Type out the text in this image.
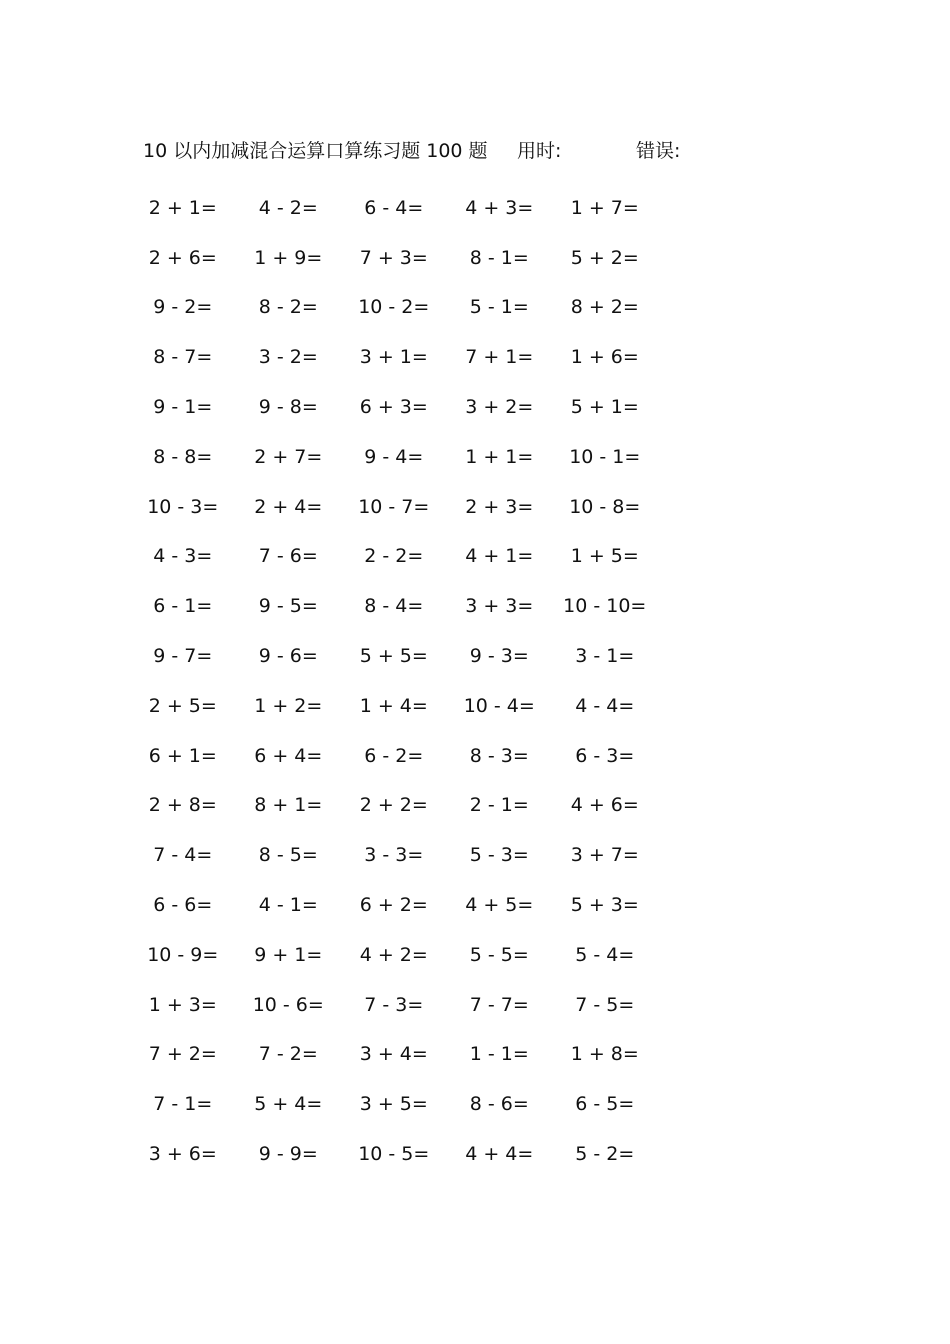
10 以内加减混合运算口算练习题 100 题 用时:	错误:
2 + 1=	4 - 2=	6 - 4=	4 + 3=	1 + 7=
2 + 6=	1 + 9=	7 + 3=	8 - 1=	5 + 2=
9 - 2=	8 - 2=	10 - 2=	5 - 1=	8 + 2=
8 - 7=	3 - 2=	3 + 1=	7 + 1=	1 + 6=
9 - 1=	9 - 8=	6 + 3=	3 + 2=	5 + 1=
8 - 8=	2 + 7=	9 - 4=	1 + 1=	10 - 1=
10 - 3=	2 + 4=	10 - 7=	2 + 3=	10 - 8=
4 - 3=	7 - 6=	2 - 2=	4 + 1=	1 + 5=
6 - 1=	9 - 5=	8 - 4=	3 + 3=	10 - 10=
9 - 7=	9 - 6=	5 + 5=	9 - 3=	3 - 1=
2 + 5=	1 + 2=	1 + 4=	10 - 4=	4 - 4=
6 + 1=	6 + 4=	6 - 2=	8 - 3=	6 - 3=
2 + 8=	8 + 1=	2 + 2=	2 - 1=	4 + 6=
7 - 4=	8 - 5=	3 - 3=	5 - 3=	3 + 7=
6 - 6=	4 - 1=	6 + 2=	4 + 5=	5 + 3=
10 - 9=	9 + 1=	4 + 2=	5 - 5=	5 - 4=
1 + 3=	10 - 6=	7 - 3=	7 - 7=	7 - 5=
7 + 2=	7 - 2=	3 + 4=	1 - 1=	1 + 8=
7 - 1=	5 + 4=	3 + 5=	8 - 6=	6 - 5=
3 + 6=	9 - 9=	10 - 5=	4 + 4=	5 - 2=
